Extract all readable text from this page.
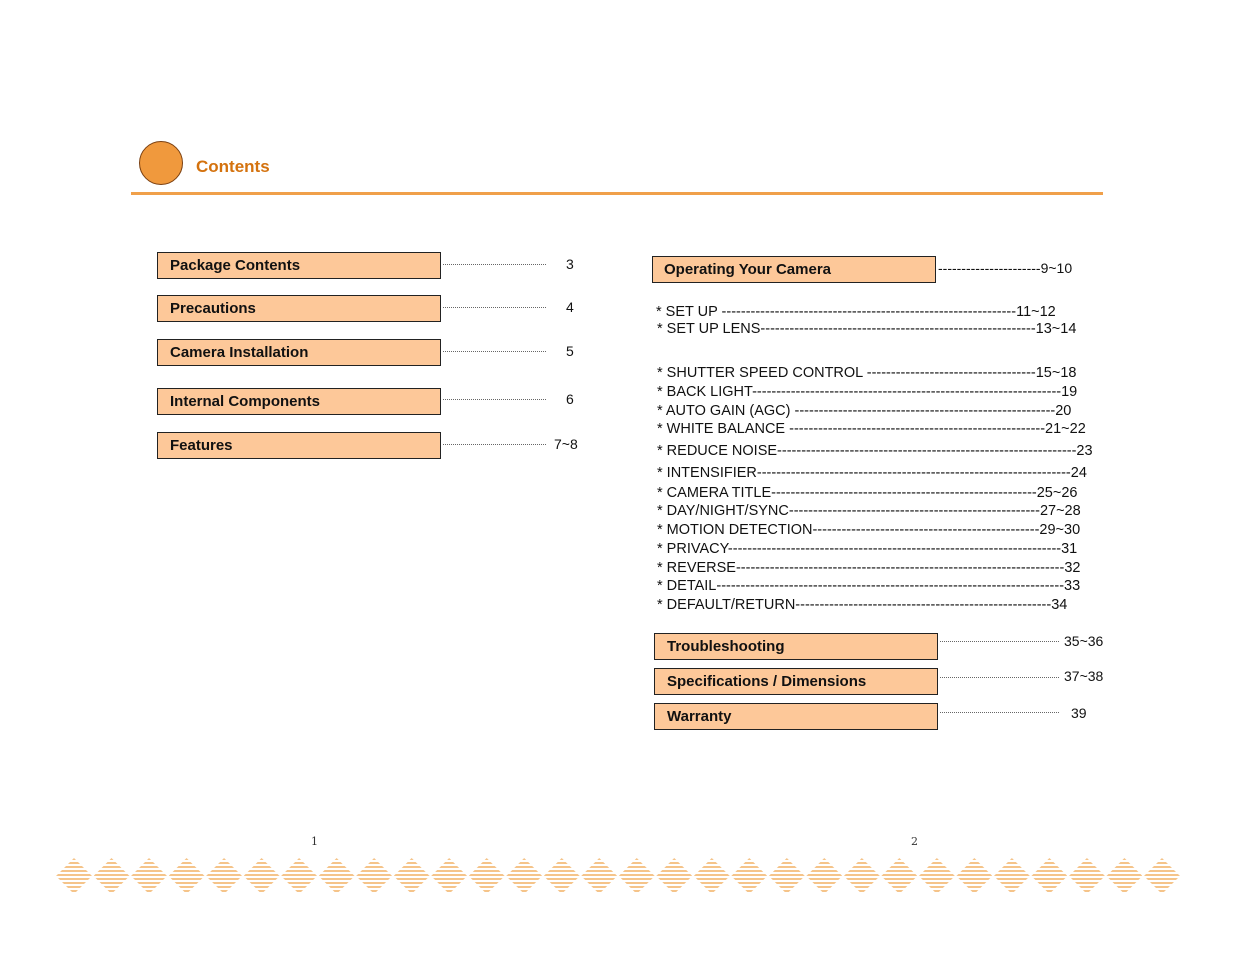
Contents
Package Contents	3
Precautions	4
Camera Installation	5
Internal Components	6
Features	7~8
Operating Your Camera	----------------------9~10
* SET UP -------------------------------------------------------------11~12
* SET UP LENS---------------------------------------------------------13~14
* SHUTTER SPEED CONTROL -----------------------------------15~18
* BACK LIGHT----------------------------------------------------------------19
* AUTO GAIN (AGC) ------------------------------------------------------20
* WHITE BALANCE -----------------------------------------------------21~22
* REDUCE NOISE--------------------------------------------------------------23
* INTENSIFIER-----------------------------------------------------------------24
* CAMERA TITLE-------------------------------------------------------25~26
* DAY/NIGHT/SYNC----------------------------------------------------27~28
* MOTION DETECTION-----------------------------------------------29~30
* PRIVACY---------------------------------------------------------------------31
* REVERSE--------------------------------------------------------------------32
* DETAIL------------------------------------------------------------------------33
* DEFAULT/RETURN-----------------------------------------------------34
Troubleshooting	35~36
Specifications / Dimensions	37~38
Warranty	39
1	2
